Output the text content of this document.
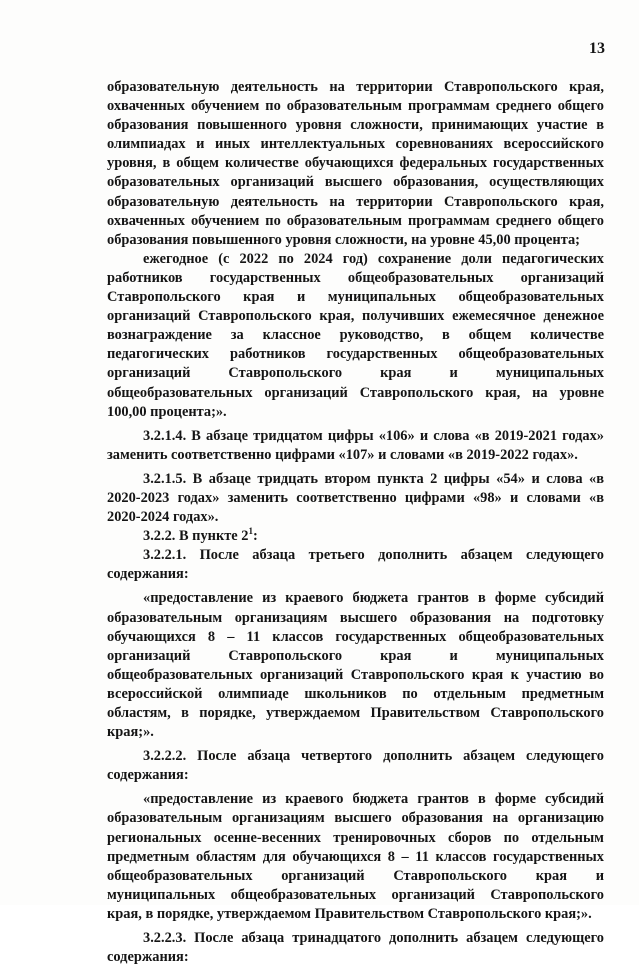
13

образовательную деятельность на территории Ставропольского края, охваченных обучением по образовательным программам среднего общего образования повышенного уровня сложности, принимающих участие в олимпиадах и иных интеллектуальных соревнованиях всероссийского уровня, в общем количестве обучающихся федеральных государственных образовательных организаций высшего образования, осуществляющих образовательную деятельность на территории Ставропольского края, охваченных обучением по образовательным программам среднего общего образования повышенного уровня сложности, на уровне 45,00 процента;

ежегодное (с 2022 по 2024 год) сохранение доли педагогических работников государственных общеобразовательных организаций Ставропольского края и муниципальных общеобразовательных организаций Ставропольского края, получивших ежемесячное денежное вознаграждение за классное руководство, в общем количестве педагогических работников государственных общеобразовательных организаций Ставропольского края и муниципальных общеобразовательных организаций Ставропольского края, на уровне 100,00 процента;».

3.2.1.4. В абзаце тридцатом цифры «106» и слова «в 2019-2021 годах» заменить соответственно цифрами «107» и словами «в 2019-2022 годах».

3.2.1.5. В абзаце тридцать втором пункта 2 цифры «54» и слова «в 2020-2023 годах» заменить соответственно цифрами «98» и словами «в 2020-2024 годах».

3.2.2. В пункте $2^1$:

3.2.2.1. После абзаца третьего дополнить абзацем следующего содержания:

«предоставление из краевого бюджета грантов в форме субсидий образовательным организациям высшего образования на подготовку обучающихся 8 – 11 классов государственных общеобразовательных организаций Ставропольского края и муниципальных общеобразовательных организаций Ставропольского края к участию во всероссийской олимпиаде школьников по отдельным предметным областям, в порядке, утверждаемом Правительством Ставропольского края;».

3.2.2.2. После абзаца четвертого дополнить абзацем следующего содержания:

«предоставление из краевого бюджета грантов в форме субсидий образовательным организациям высшего образования на организацию региональных осенне-весенних тренировочных сборов по отдельным предметным областям для обучающихся 8 – 11 классов государственных общеобразовательных организаций Ставропольского края и муниципальных общеобразовательных организаций Ставропольского края, в порядке, утверждаемом Правительством Ставропольского края;».

3.2.2.3. После абзаца тринадцатого дополнить абзацем следующего содержания:
